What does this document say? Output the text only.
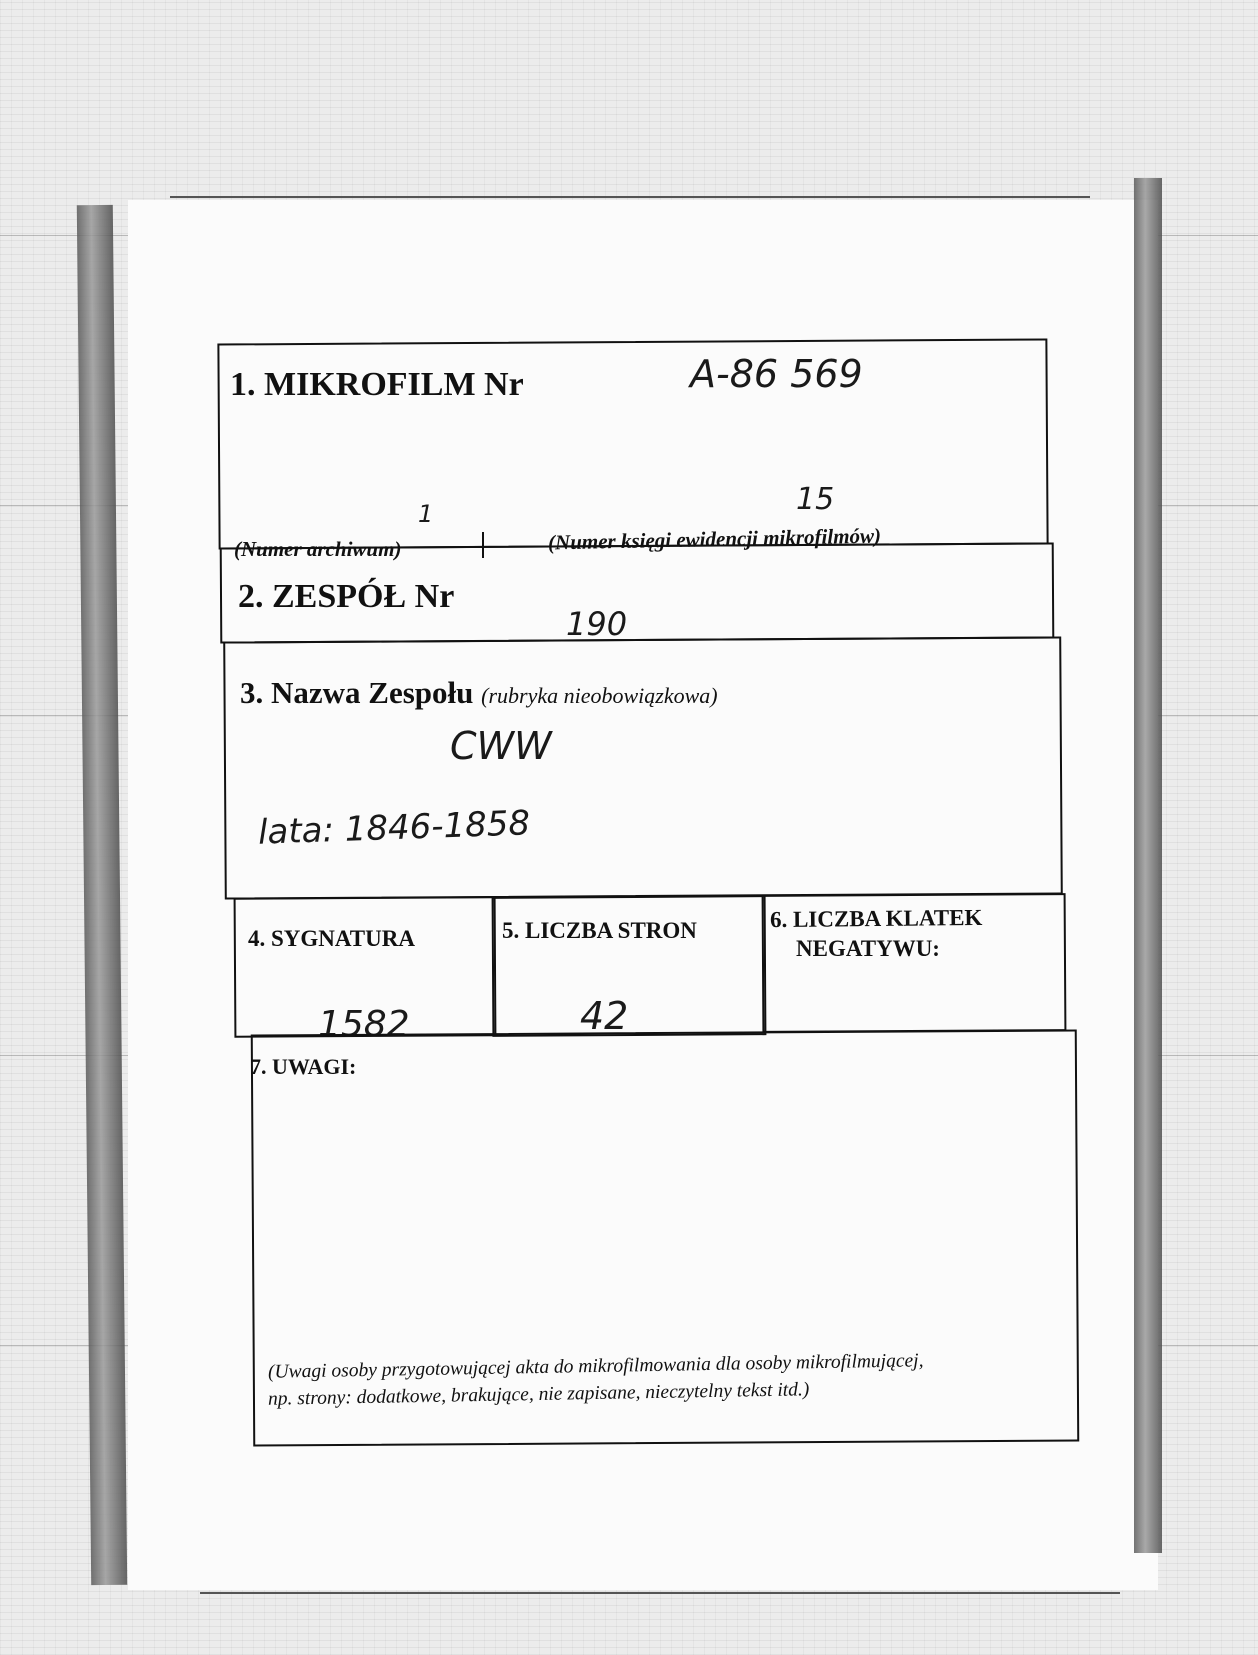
1. MIKROFILM Nr	A-86 569
1
(Numer archiwum)
15
(Numer księgi ewidencji mikrofilmów)
2. ZESPÓŁ Nr
190
3. Nazwa Zespołu (rubryka nieobowiązkowa)
CWW
lata: 1846-1858
4. SYGNATURA
1582
5. LICZBA STRON
42
6. LICZBA KLATEK
NEGATYWU:
7. UWAGI:
(Uwagi osoby przygotowującej akta do mikrofilmowania dla osoby mikrofilmującej,
np. strony: dodatkowe, brakujące, nie zapisane, nieczytelny tekst itd.)
